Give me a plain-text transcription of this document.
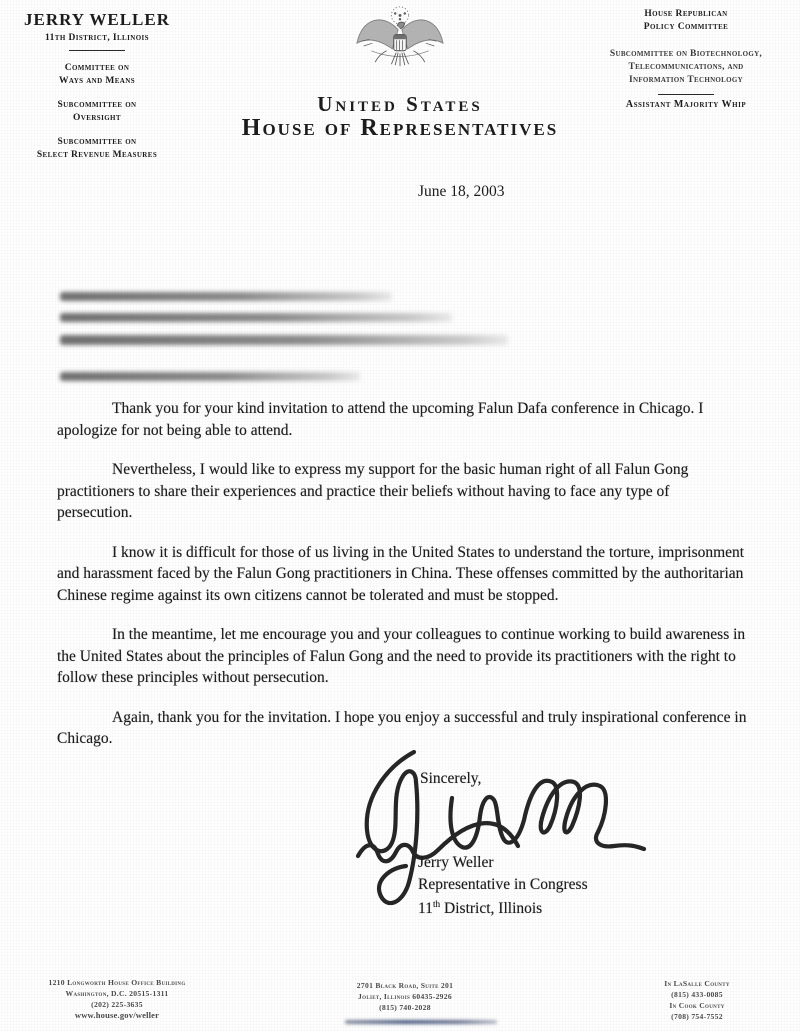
JERRY WELLER
11th District, Illinois
Committee on
Ways and Means
Subcommittee on
Oversight
Subcommittee on
Select Revenue Measures
House Republican
Policy Committee
Subcommittee on Biotechnology,
Telecommunications, and
Information Technology
Assistant Majority Whip
United States
House of Representatives
June 18, 2003

Thank you for your kind invitation to attend the upcoming Falun Dafa conference in Chicago. I apologize for not being able to attend.

Nevertheless, I would like to express my support for the basic human right of all Falun Gong practitioners to share their experiences and practice their beliefs without having to face any type of persecution.

I know it is difficult for those of us living in the United States to understand the torture, imprisonment and harassment faced by the Falun Gong practitioners in China. These offenses committed by the authoritarian Chinese regime against its own citizens cannot be tolerated and must be stopped.

In the meantime, let me encourage you and your colleagues to continue working to build awareness in the United States about the principles of Falun Gong and the need to provide its practitioners with the right to follow these principles without persecution.

Again, thank you for the invitation. I hope you enjoy a successful and truly inspirational conference in Chicago.

Sincerely,
Jerry Weller
Representative in Congress
11th District, Illinois
1210 Longworth House Office Building
Washington, D.C. 20515-1311
(202) 225-3635
www.house.gov/weller
2701 Black Road, Suite 201
Joliet, Illinois 60435-2926
(815) 740-2028
In LaSalle County
(815) 433-0085
In Cook County
(708) 754-7552
